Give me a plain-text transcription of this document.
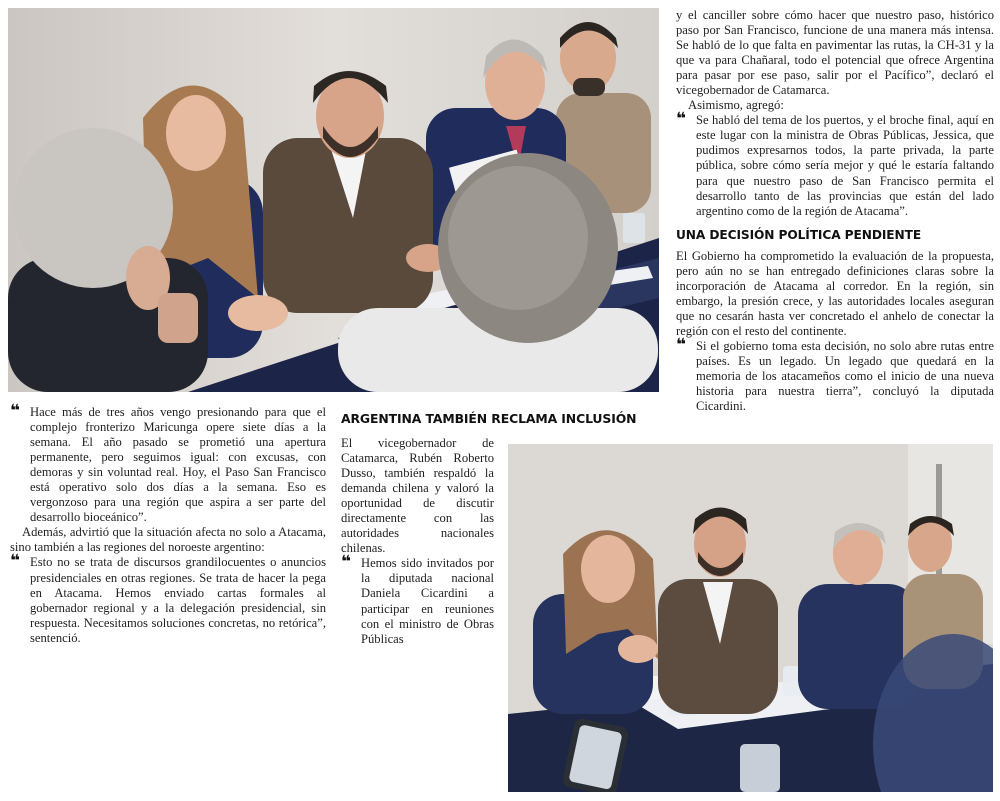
❝ Hace más de tres años vengo presionando para que el complejo fronterizo Maricunga opere siete días a la semana. El año pasado se prometió una apertura permanente, pero seguimos igual: con excusas, con demoras y sin voluntad real. Hoy, el Paso San Francisco está operativo solo dos días a la semana. Eso es vergonzoso para una región que aspira a ser parte del desarrollo bioceánico”.

Además, advirtió que la situación afecta no solo a Atacama, sino también a las regiones del noroeste argentino:

❝ Esto no se trata de discursos grandilocuentes o anuncios presidenciales en otras regiones. Se trata de hacer la pega en Atacama. Hemos enviado cartas formales al gobernador regional y a la delegación presidencial, sin respuesta. Necesitamos soluciones concretas, no retórica”, sentenció.

ARGENTINA TAMBIÉN RECLAMA INCLUSIÓN

El vicegobernador de Catamarca, Rubén Roberto Dusso, también respaldó la demanda chilena y valoró la oportunidad de discutir directamente con las autoridades nacionales chilenas.

❝ Hemos sido invitados por la diputada nacional Daniela Cicardini a participar en reuniones con el ministro de Obras Públicas

y el canciller sobre cómo hacer que nuestro paso, histórico paso por San Francisco, funcione de una manera más intensa. Se habló de lo que falta en pavimentar las rutas, la CH-31 y la que va para Chañaral, todo el potencial que ofrece Argentina para pasar por ese paso, salir por el Pacífico”, declaró el vicegobernador de Catamarca.

Asimismo, agregó:

❝ Se habló del tema de los puertos, y el broche final, aquí en este lugar con la ministra de Obras Públicas, Jessica, que pudimos expresarnos todos, la parte privada, la parte pública, sobre cómo sería mejor y qué le estaría faltando para que nuestro paso de San Francisco permita el desarrollo tanto de las provincias que están del lado argentino como de la región de Atacama”.

UNA DECISIÓN POLÍTICA PENDIENTE

El Gobierno ha comprometido la evaluación de la propuesta, pero aún no se han entregado definiciones claras sobre la incorporación de Atacama al corredor. En la región, sin embargo, la presión crece, y las autoridades locales aseguran que no cesarán hasta ver concretado el anhelo de conectar la región con el resto del continente.

❝ Si el gobierno toma esta decisión, no solo abre rutas entre países. Es un legado. Un legado que quedará en la memoria de los atacameños como el inicio de una nueva historia para nuestra tierra”, concluyó la diputada Cicardini.
